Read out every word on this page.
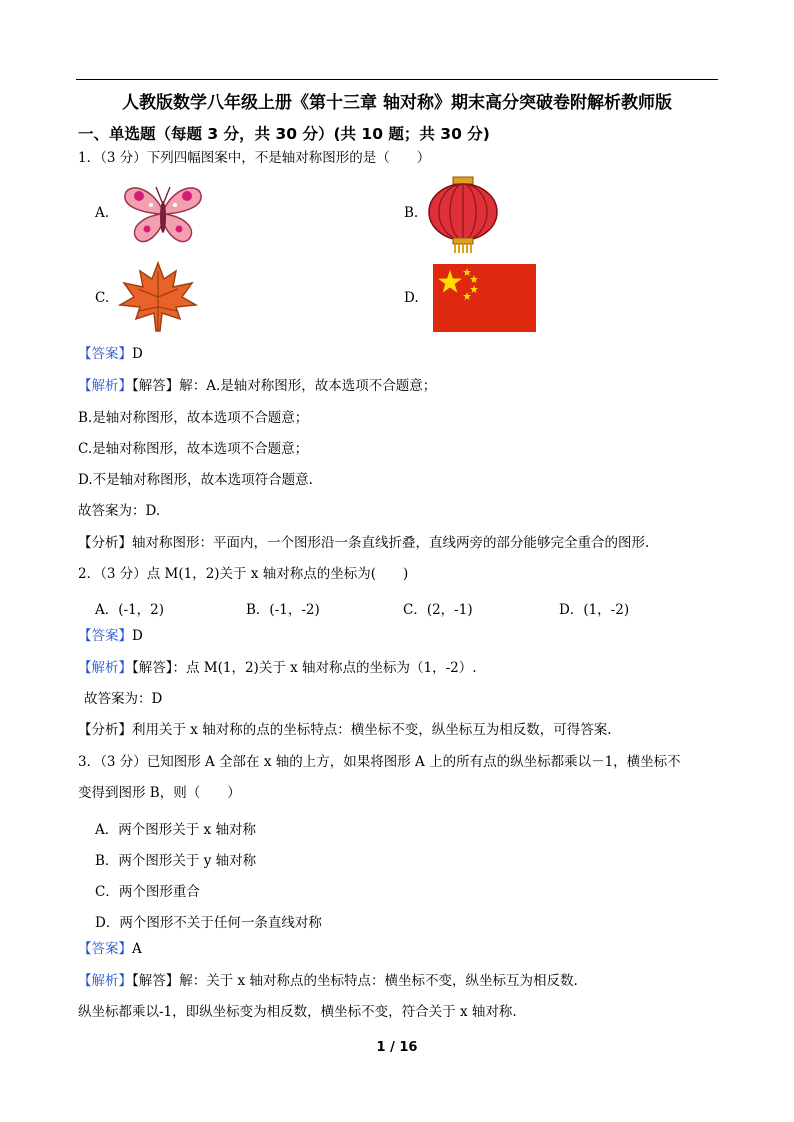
人教版数学八年级上册《第十三章 轴对称》期末高分突破卷附解析教师版
一、单选题（每题 3 分，共 30 分）(共 10 题；共 30 分)
1．（3 分）下列四幅图案中，不是轴对称图形的是（　　）
A.	B.
C.	D.
【答案】D
【解析】【解答】解：A.是轴对称图形，故本选项不合题意；
B.是轴对称图形，故本选项不合题意；
C.是轴对称图形，故本选项不合题意；
D.不是轴对称图形，故本选项符合题意.
故答案为：D.
【分析】轴对称图形：平面内，一个图形沿一条直线折叠，直线两旁的部分能够完全重合的图形.
2．（3 分）点 M(1，2)关于 x 轴对称点的坐标为(　　)
A．(-1，2)	B．(-1，-2)	C．(2，-1)	D．(1，-2)
【答案】D
【解析】【解答】：点 M(1，2)关于 x 轴对称点的坐标为（1，-2）.
故答案为：D
【分析】利用关于 x 轴对称的点的坐标特点：横坐标不变，纵坐标互为相反数，可得答案.
3．（3 分）已知图形 A 全部在 x 轴的上方，如果将图形 A 上的所有点的纵坐标都乘以－1，横坐标不
变得到图形 B，则（　　）
A．两个图形关于 x 轴对称
B．两个图形关于 y 轴对称
C．两个图形重合
D．两个图形不关于任何一条直线对称
【答案】A
【解析】【解答】解：关于 x 轴对称点的坐标特点：横坐标不变，纵坐标互为相反数.
纵坐标都乘以-1，即纵坐标变为相反数，横坐标不变，符合关于 x 轴对称.
1 / 16
